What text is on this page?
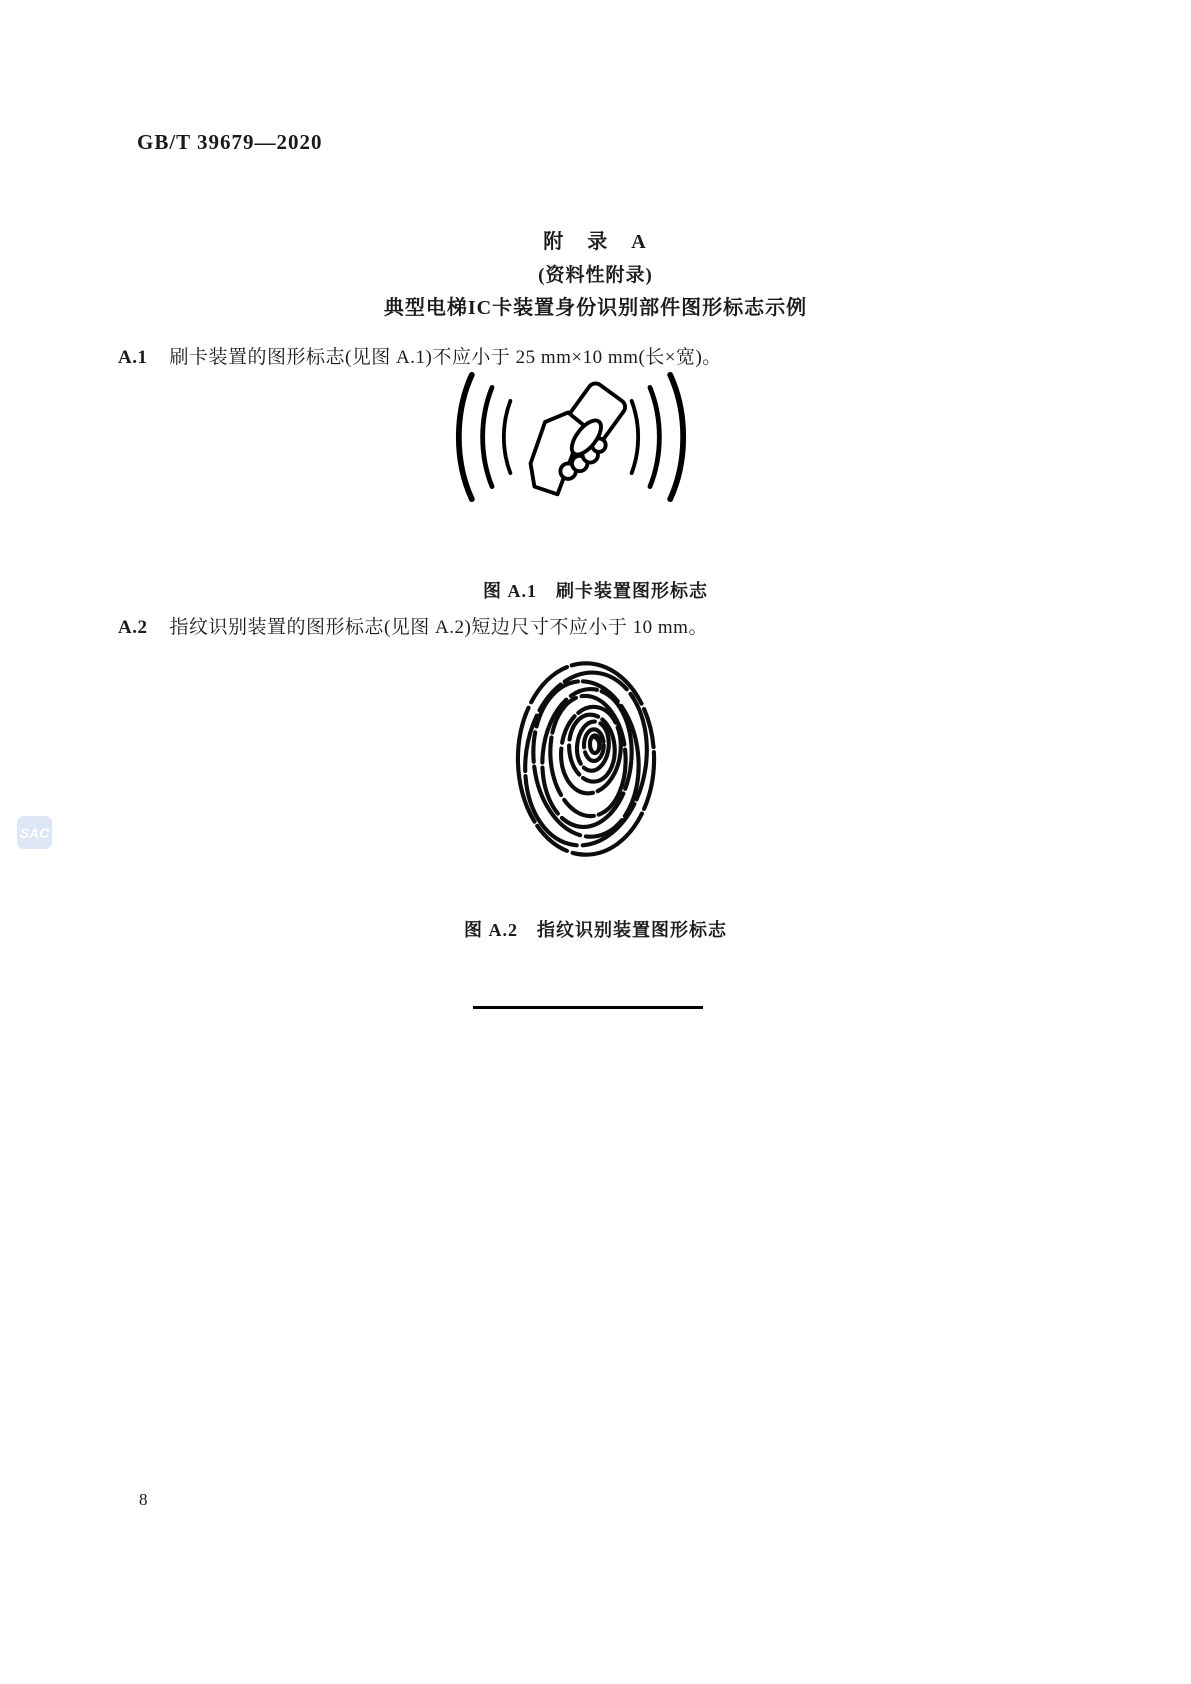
GB/T 39679—2020
附　录　A
(资料性附录)
典型电梯IC卡装置身份识别部件图形标志示例

A.1 刷卡装置的图形标志(见图 A.1)不应小于 25 mm×10 mm(长×宽)。

图 A.1　刷卡装置图形标志

A.2 指纹识别装置的图形标志(见图 A.2)短边尺寸不应小于 10 mm。

图 A.2　指纹识别装置图形标志
SAC
8
